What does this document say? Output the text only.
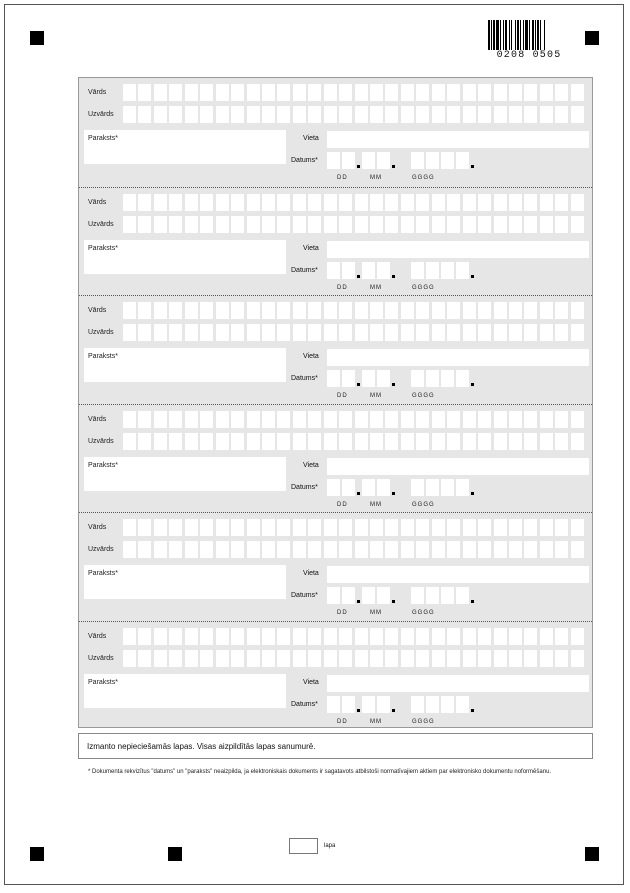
0208 0505
Vārds
Uzvārds
Paraksts*	Vieta
Datums*
DD	MM	GGGG
Vārds
Uzvārds
Paraksts*	Vieta
Datums*
DD	MM	GGGG
Vārds
Uzvārds
Paraksts*	Vieta
Datums*
DD	MM	GGGG
Vārds
Uzvārds
Paraksts*	Vieta
Datums*
DD	MM	GGGG
Vārds
Uzvārds
Paraksts*	Vieta
Datums*
DD	MM	GGGG
Vārds
Uzvārds
Paraksts*	Vieta
Datums*
DD	MM	GGGG
Izmanto nepieciešamās lapas. Visas aizpildītās lapas sanumurē.
* Dokumenta rekvizītus "datums" un "paraksts" neaizpilda, ja elektroniskais dokuments ir sagatavots atbilstoši normatīvajiem aktiem par elektronisko dokumentu noformēšanu.
lapa
